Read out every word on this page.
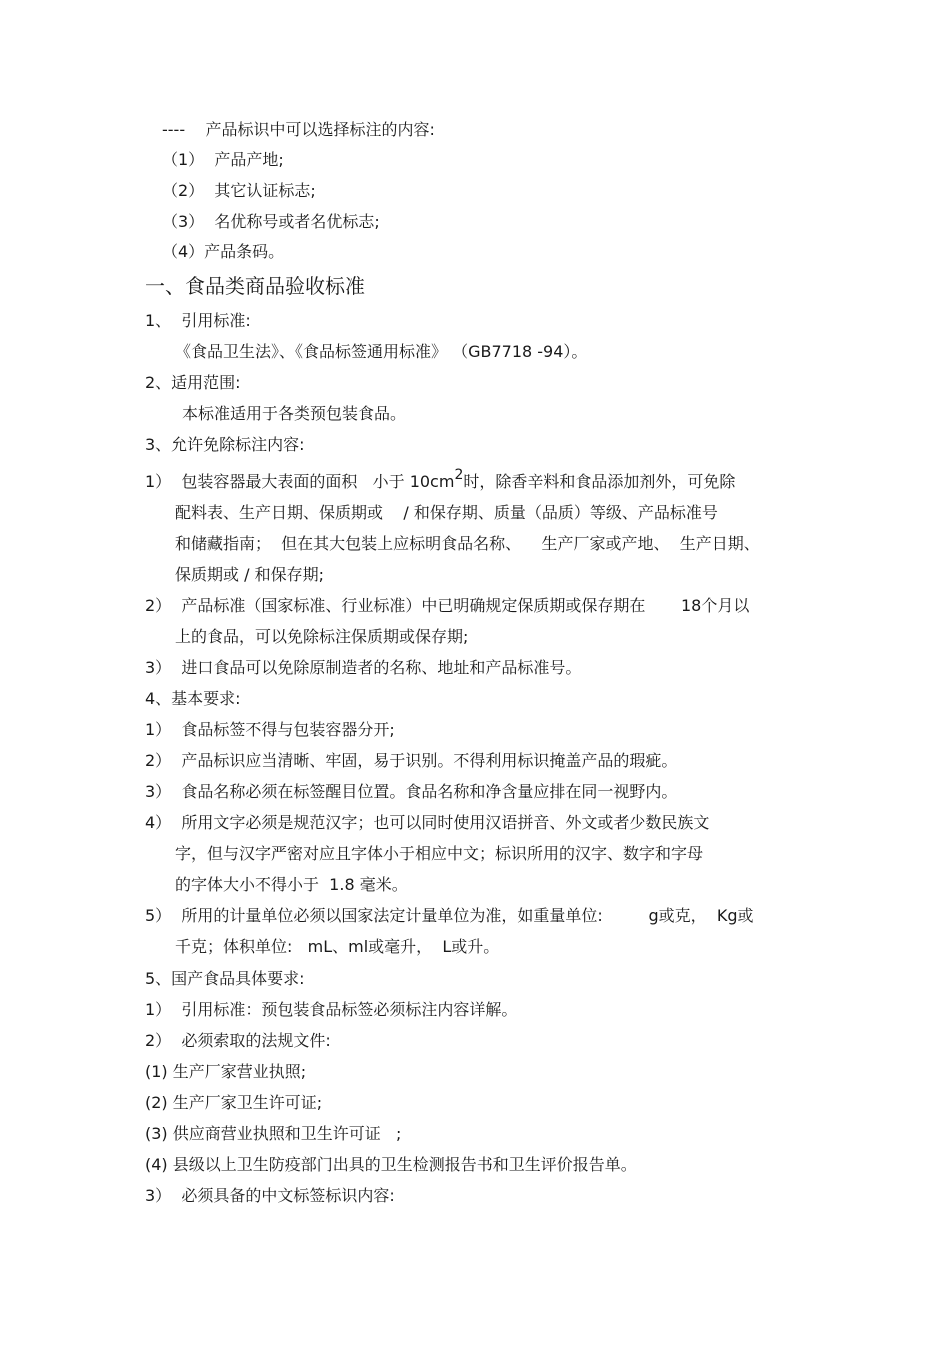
----    产品标识中可以选择标注的内容:
（1）  产品产地;
（2）  其它认证标志;
（3）  名优称号或者名优标志;
（4）产品条码。
一、食品类商品验收标准
1、  引用标准:
《食品卫生法》、《食品标签通用标准》 （GB7718 -94）。
2、适用范围:
本标准适用于各类预包装食品。
3、允许免除标注内容:
1）  包装容器最大表面的面积   小于 $10cm^2$时，除香辛料和食品添加剂外，可免除
配料表、生产日期、保质期或    / 和保存期、质量（品质）等级、产品标准号
和储藏指南；  但在其大包装上应标明食品名称、    生产厂家或产地、  生产日期、
保质期或 / 和保存期;
2）  产品标准（国家标准、行业标准）中已明确规定保质期或保存期在       18个月以
上的食品，可以免除标注保质期或保存期;
3）  进口食品可以免除原制造者的名称、地址和产品标准号。
4、基本要求:
1）  食品标签不得与包装容器分开;
2）  产品标识应当清晰、牢固，易于识别。不得利用标识掩盖产品的瑕疵。
3）  食品名称必须在标签醒目位置。食品名称和净含量应排在同一视野内。
4）  所用文字必须是规范汉字；也可以同时使用汉语拼音、外文或者少数民族文
字，但与汉字严密对应且字体小于相应中文；标识所用的汉字、数字和字母
的字体大小不得小于  1.8 毫米。
5）  所用的计量单位必须以国家法定计量单位为准，如重量单位:         g或克，  Kg或
千克；体积单位:   mL、ml或毫升，  L或升。
5、国产食品具体要求:
1）  引用标准：预包装食品标签必须标注内容详解。
2）  必须索取的法规文件:
(1) 生产厂家营业执照;
(2) 生产厂家卫生许可证;
(3) 供应商营业执照和卫生许可证   ;
(4) 县级以上卫生防疫部门出具的卫生检测报告书和卫生评价报告单。
3）  必须具备的中文标签标识内容:
